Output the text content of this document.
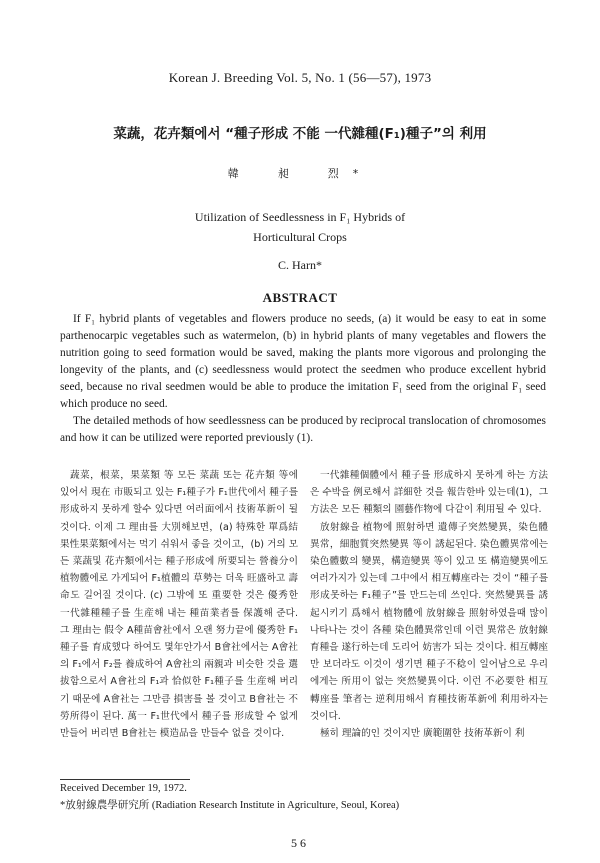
Korean J. Breeding Vol. 5, No. 1 (56—57), 1973
菜蔬，花卉類에서 “種子形成 不能 一代雜種(F₁)種子”의 利用
韓　昶　烈*
Utilization of Seedlessness in F₁ Hybrids of
Horticultural Crops
C. Harn*
ABSTRACT

If F₁ hybrid plants of vegetables and flowers produce no seeds, (a) it would be easy to eat in some parthenocarpic vegetables such as watermelon, (b) in hybrid plants of many vegetables and flowers the nutrition going to seed formation would be saved, making the plants more vigorous and prolonging the longevity of the plants, and (c) seedlessness would protect the seedmen who produce excellent hybrid seed, because no rival seedmen would be able to produce the imitation F₁ seed from the original F₁ seed which produce no seed.

The detailed methods of how seedlessness can be produced by reciprocal translocation of chromosomes and how it can be utilized were reported previously (1).

蔬菜，根菜，果菜類 等 모든 菜蔬 또는 花卉類 等에 있어서 現在 市販되고 있는 F₁種子가 F₁世代에서 種子를 形成하지 못하게 할수 있다면 여러面에서 技術革新이 될 것이다. 이제 그 理由를 大別해보면，(a) 特殊한 單爲結果性果菜類에서는 먹기 쉬워서 좋을 것이고，(b) 거의 모든 菜蔬및 花卉類에서는 種子形成에 所要되는 營養分이 植物體에로 가게되어 F₁植體의 草勢는 더욱 旺盛하고 壽命도 길어질 것이다. (c) 그밖에 또 重要한 것은 優秀한 一代雜種種子를 生産해 내는 種苗業者를 保護해 준다. 그 理由는 假令 A種苗會社에서 오랜 努力끝에 優秀한 F₁種子를 育成했다 하여도 몇年안가서 B會社에서는 A會社의 F₁에서 F₂를 養成하여 A會社의 兩親과 비슷한 것을 選拔함으로서 A會社의 F₁과 恰似한 F₁種子를 生産해 버리기 때문에 A會社는 그만큼 損害를 볼 것이고 B會社는 不勞所得이 된다. 萬一 F₁世代에서 種子를 形成할 수 없게 만들어 버리면 B會社는 模造品을 만들수 없을 것이다.

一代雜種個體에서 種子를 形成하지 못하게 하는 方法은 수박을 例로해서 詳細한 것을 報告한바 있는데(1)，그 方法은 모든 種類의 園藝作物에 다같이 利用될 수 있다.

放射線을 植物에 照射하면 遺傳子突然變異，染色體異常，細胞質突然變異 等이 誘起된다. 染色體異常에는 染色體數의 變異，構造變異 等이 있고 또 構造變異에도 여러가지가 있는데 그中에서 相互轉座라는 것이 “種子를 形成못하는 F₁種子”를 만드는데 쓰인다. 突然變異를 誘起시키기 爲해서 植物體에 放射線을 照射하였을때 많이 나타나는 것이 各種 染色體異常인데 이런 異常은 放射線育種을 遂行하는데 도리어 妨害가 되는 것이다. 相互轉座만 보더라도 이것이 생기면 種子不稔이 일어남으로 우리에게는 所用이 없는 突然變異이다. 이런 不必要한 相互轉座를 筆者는 逆利用해서 育種技術革新에 利用하자는 것이다.

極히 理論的인 것이지만 廣範圍한 技術革新이 利

Received December 19, 1972.
*放射線農學研究所 (Radiation Research Institute in Agriculture, Seoul, Korea)
56
